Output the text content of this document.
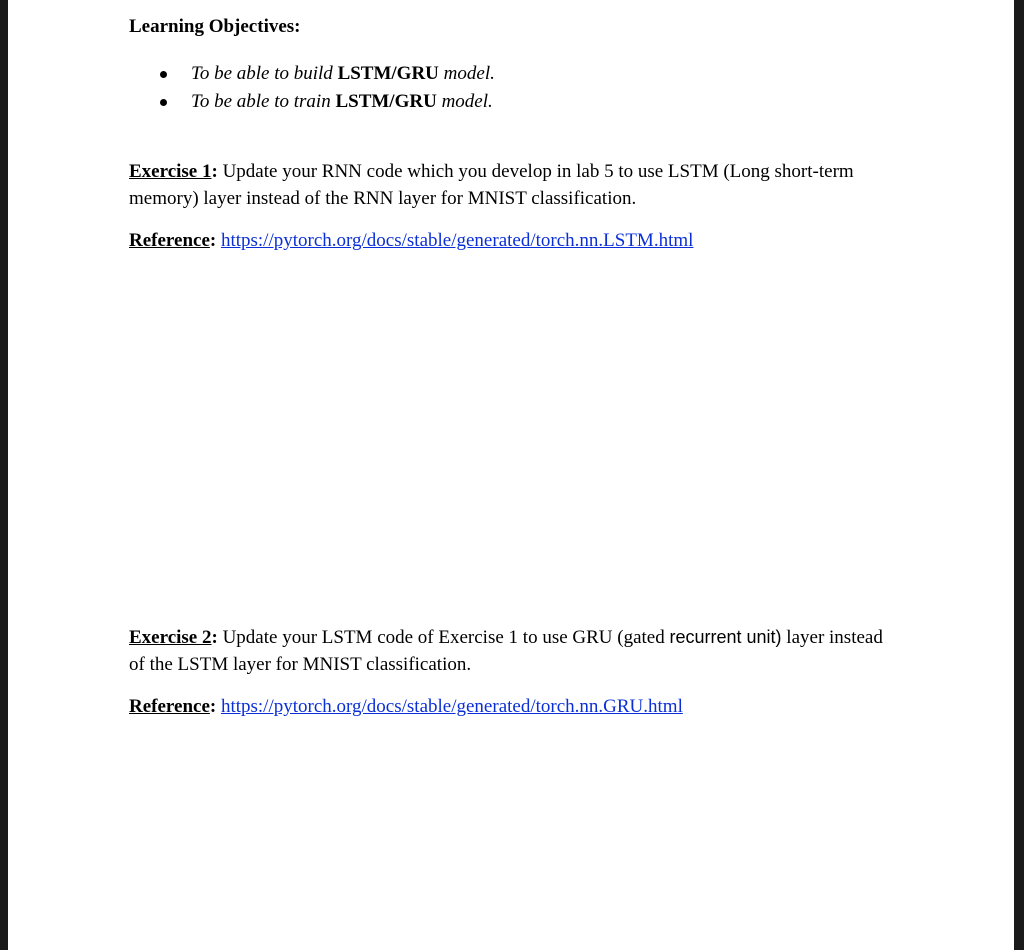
Learning Objectives:
To be able to build LSTM/GRU model.
To be able to train LSTM/GRU model.
Exercise 1: Update your RNN code which you develop in lab 5 to use LSTM (Long short-term memory) layer instead of the RNN layer for MNIST classification.
Reference: https://pytorch.org/docs/stable/generated/torch.nn.LSTM.html
Exercise 2: Update your LSTM code of Exercise 1 to use GRU (gated recurrent unit) layer instead of the LSTM layer for MNIST classification.
Reference: https://pytorch.org/docs/stable/generated/torch.nn.GRU.html
